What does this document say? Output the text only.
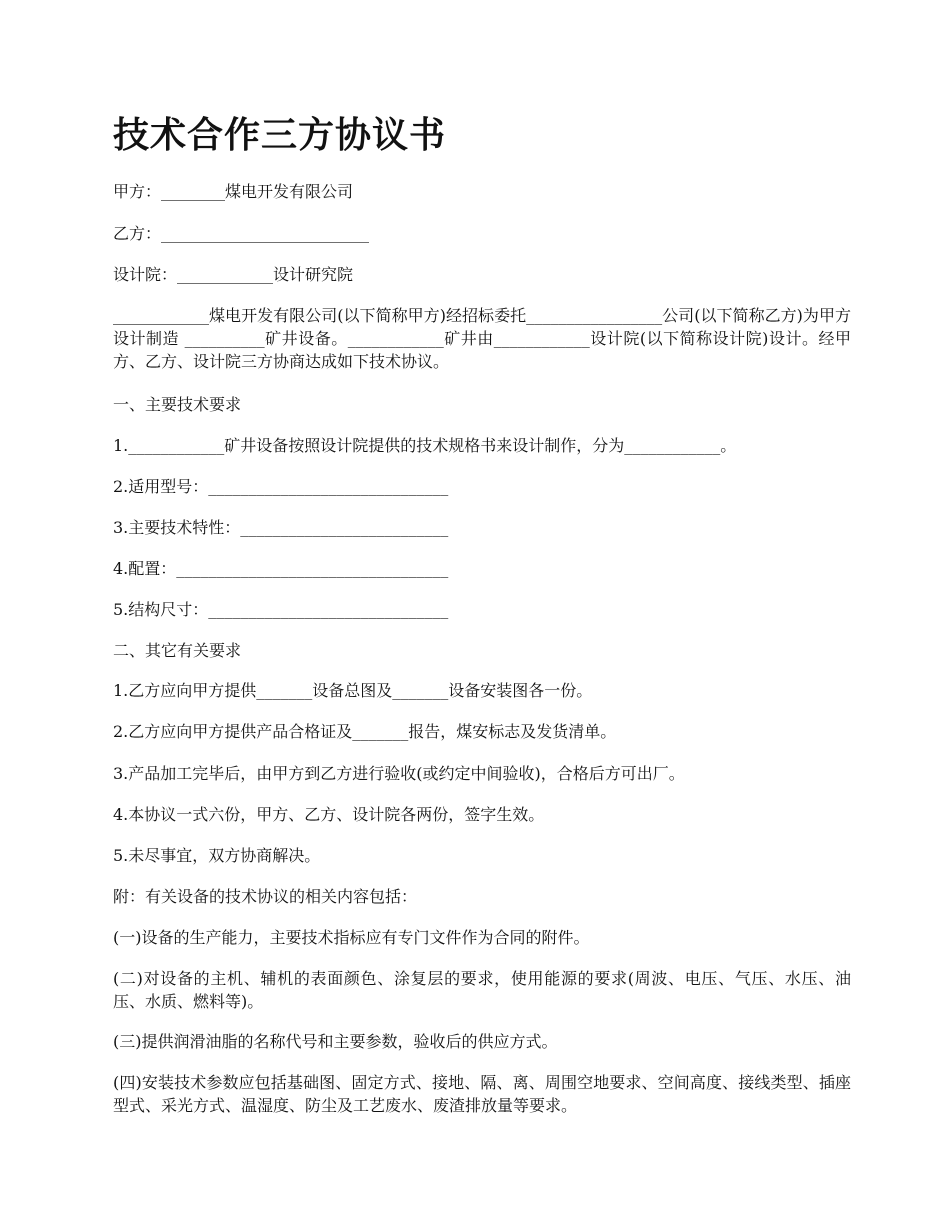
技术合作三方协议书

甲方：________煤电开发有限公司

乙方：__________________________

设计院：____________设计研究院

____________煤电开发有限公司(以下简称甲方)经招标委托_________________公司(以下简称乙方)为甲方设计制造 __________矿井设备。____________矿井由____________设计院(以下简称设计院)设计。经甲方、乙方、设计院三方协商达成如下技术协议。

一、主要技术要求

1.____________矿井设备按照设计院提供的技术规格书来设计制作，分为____________。

2.适用型号：______________________________

3.主要技术特性：__________________________

4.配置：__________________________________

5.结构尺寸：______________________________

二、其它有关要求

1.乙方应向甲方提供_______设备总图及_______设备安装图各一份。

2.乙方应向甲方提供产品合格证及_______报告，煤安标志及发货清单。

3.产品加工完毕后，由甲方到乙方进行验收(或约定中间验收)，合格后方可出厂。

4.本协议一式六份，甲方、乙方、设计院各两份，签字生效。

5.未尽事宜，双方协商解决。

附：有关设备的技术协议的相关内容包括：

(一)设备的生产能力，主要技术指标应有专门文件作为合同的附件。

(二)对设备的主机、辅机的表面颜色、涂复层的要求，使用能源的要求(周波、电压、气压、水压、油压、水质、燃料等)。

(三)提供润滑油脂的名称代号和主要参数，验收后的供应方式。

(四)安装技术参数应包括基础图、固定方式、接地、隔、离、周围空地要求、空间高度、接线类型、插座型式、采光方式、温湿度、防尘及工艺废水、废渣排放量等要求。
